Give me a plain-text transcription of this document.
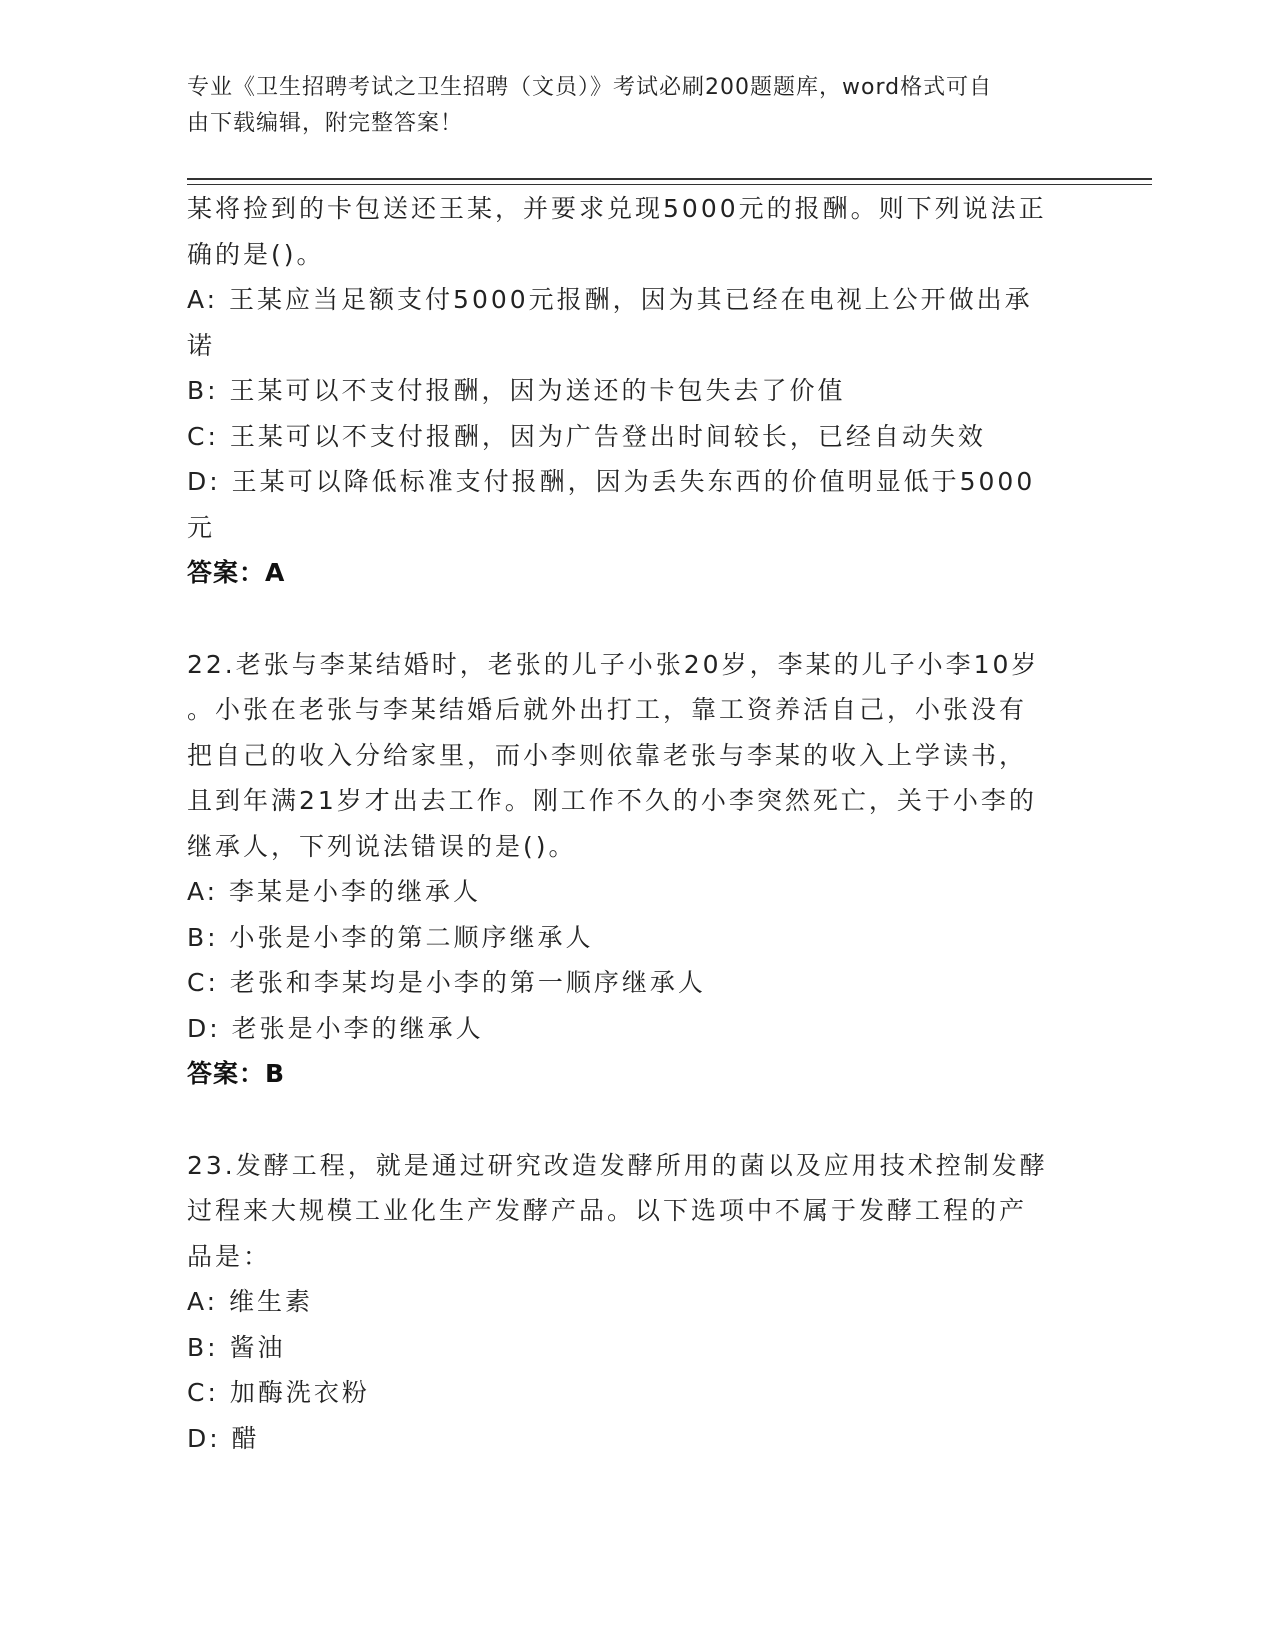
专业《卫生招聘考试之卫生招聘（文员）》考试必刷200题题库，word格式可自
由下载编辑，附完整答案！
某将捡到的卡包送还王某，并要求兑现5000元的报酬。则下列说法正
确的是()。
A: 王某应当足额支付5000元报酬，因为其已经在电视上公开做出承
诺
B: 王某可以不支付报酬，因为送还的卡包失去了价值
C: 王某可以不支付报酬，因为广告登出时间较长，已经自动失效
D: 王某可以降低标准支付报酬，因为丢失东西的价值明显低于5000
元
答案：A
22.老张与李某结婚时，老张的儿子小张20岁，李某的儿子小李10岁
。小张在老张与李某结婚后就外出打工，靠工资养活自己，小张没有
把自己的收入分给家里，而小李则依靠老张与李某的收入上学读书，
且到年满21岁才出去工作。刚工作不久的小李突然死亡，关于小李的
继承人，下列说法错误的是()。
A: 李某是小李的继承人
B: 小张是小李的第二顺序继承人
C: 老张和李某均是小李的第一顺序继承人
D: 老张是小李的继承人
答案：B
23.发酵工程，就是通过研究改造发酵所用的菌以及应用技术控制发酵
过程来大规模工业化生产发酵产品。以下选项中不属于发酵工程的产
品是：
A: 维生素
B: 酱油
C: 加酶洗衣粉
D: 醋
